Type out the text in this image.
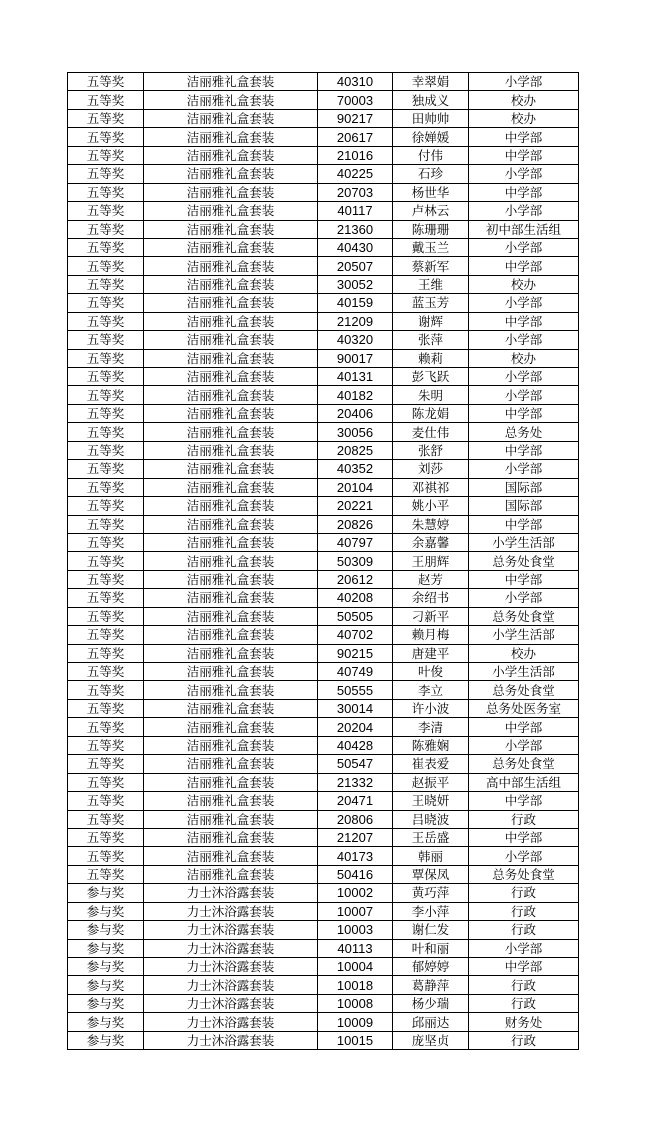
五等奖	洁丽雅礼盒套装	40310	幸翠娟	小学部
五等奖	洁丽雅礼盒套装	70003	独成义	校办
五等奖	洁丽雅礼盒套装	90217	田帅帅	校办
五等奖	洁丽雅礼盒套装	20617	徐婵媛	中学部
五等奖	洁丽雅礼盒套装	21016	付伟	中学部
五等奖	洁丽雅礼盒套装	40225	石珍	小学部
五等奖	洁丽雅礼盒套装	20703	杨世华	中学部
五等奖	洁丽雅礼盒套装	40117	卢林云	小学部
五等奖	洁丽雅礼盒套装	21360	陈珊珊	初中部生活组
五等奖	洁丽雅礼盒套装	40430	戴玉兰	小学部
五等奖	洁丽雅礼盒套装	20507	蔡新军	中学部
五等奖	洁丽雅礼盒套装	30052	王维	校办
五等奖	洁丽雅礼盒套装	40159	蓝玉芳	小学部
五等奖	洁丽雅礼盒套装	21209	谢辉	中学部
五等奖	洁丽雅礼盒套装	40320	张萍	小学部
五等奖	洁丽雅礼盒套装	90017	赖莉	校办
五等奖	洁丽雅礼盒套装	40131	彭飞跃	小学部
五等奖	洁丽雅礼盒套装	40182	朱明	小学部
五等奖	洁丽雅礼盒套装	20406	陈龙娟	中学部
五等奖	洁丽雅礼盒套装	30056	麦仕伟	总务处
五等奖	洁丽雅礼盒套装	20825	张舒	中学部
五等奖	洁丽雅礼盒套装	40352	刘莎	小学部
五等奖	洁丽雅礼盒套装	20104	邓祺祁	国际部
五等奖	洁丽雅礼盒套装	20221	姚小平	国际部
五等奖	洁丽雅礼盒套装	20826	朱慧婷	中学部
五等奖	洁丽雅礼盒套装	40797	余嘉馨	小学生活部
五等奖	洁丽雅礼盒套装	50309	王朋辉	总务处食堂
五等奖	洁丽雅礼盒套装	20612	赵芳	中学部
五等奖	洁丽雅礼盒套装	40208	余绍书	小学部
五等奖	洁丽雅礼盒套装	50505	刁新平	总务处食堂
五等奖	洁丽雅礼盒套装	40702	赖月梅	小学生活部
五等奖	洁丽雅礼盒套装	90215	唐建平	校办
五等奖	洁丽雅礼盒套装	40749	叶俊	小学生活部
五等奖	洁丽雅礼盒套装	50555	李立	总务处食堂
五等奖	洁丽雅礼盒套装	30014	许小波	总务处医务室
五等奖	洁丽雅礼盒套装	20204	李清	中学部
五等奖	洁丽雅礼盒套装	40428	陈雅娴	小学部
五等奖	洁丽雅礼盒套装	50547	崔表爱	总务处食堂
五等奖	洁丽雅礼盒套装	21332	赵振平	高中部生活组
五等奖	洁丽雅礼盒套装	20471	王晓妍	中学部
五等奖	洁丽雅礼盒套装	20806	吕晓波	行政
五等奖	洁丽雅礼盒套装	21207	王岳盛	中学部
五等奖	洁丽雅礼盒套装	40173	韩丽	小学部
五等奖	洁丽雅礼盒套装	50416	覃保凤	总务处食堂
参与奖	力士沐浴露套装	10002	黄巧萍	行政
参与奖	力士沐浴露套装	10007	李小萍	行政
参与奖	力士沐浴露套装	10003	谢仁发	行政
参与奖	力士沐浴露套装	40113	叶和丽	小学部
参与奖	力士沐浴露套装	10004	郁婷婷	中学部
参与奖	力士沐浴露套装	10018	葛静萍	行政
参与奖	力士沐浴露套装	10008	杨少瑞	行政
参与奖	力士沐浴露套装	10009	邱丽达	财务处
参与奖	力士沐浴露套装	10015	庞坚贞	行政
